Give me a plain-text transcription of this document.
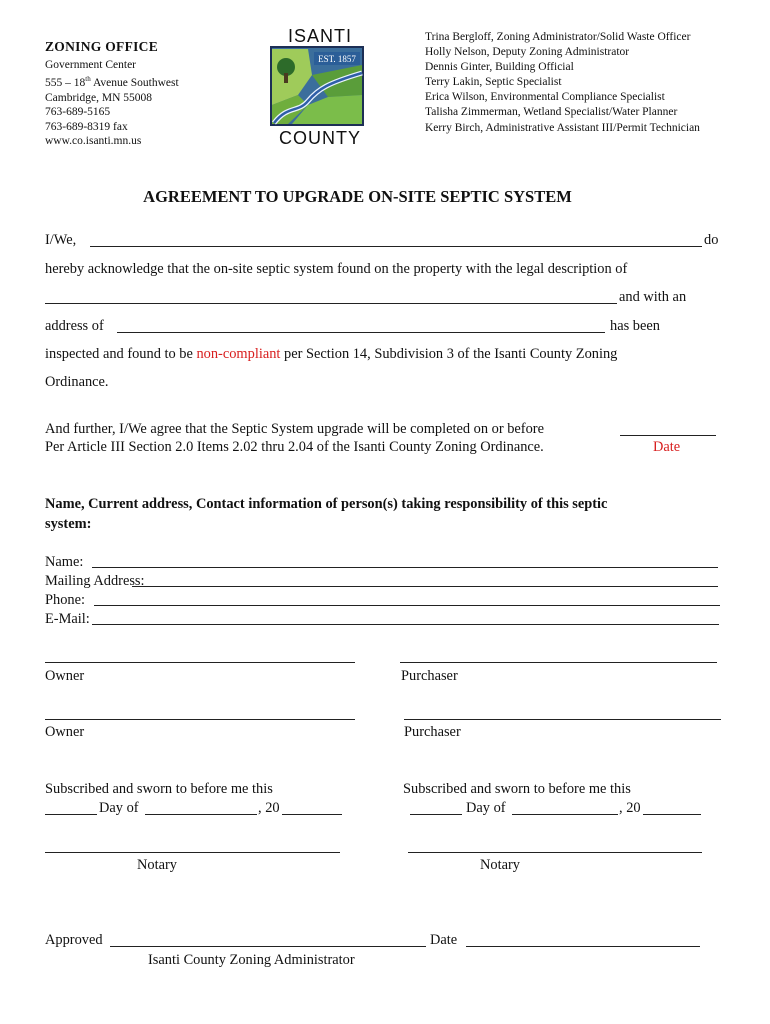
ZONING OFFICE
Government Center
555 – 18th Avenue Southwest
Cambridge, MN 55008
763-689-5165
763-689-8319 fax
www.co.isanti.mn.us
ISANTI
EST. 1857
COUNTY
Trina Bergloff, Zoning Administrator/Solid Waste Officer
Holly Nelson, Deputy Zoning Administrator
Dennis Ginter, Building Official
Terry Lakin, Septic Specialist
Erica Wilson, Environmental Compliance Specialist
Talisha Zimmerman, Wetland Specialist/Water Planner
Kerry Birch, Administrative Assistant III/Permit Technician
AGREEMENT TO UPGRADE ON-SITE SEPTIC SYSTEM
I/We,	do
hereby acknowledge that the on-site septic system found on the property with the legal description of
and with an
address of	has been
inspected and found to be non-compliant per Section 14, Subdivision 3 of the Isanti County Zoning
Ordinance.
And further, I/We agree that the Septic System upgrade will be completed on or before
Per Article III Section 2.0 Items 2.02 thru 2.04 of the Isanti County Zoning Ordinance.	Date
Name, Current address, Contact information of person(s) taking responsibility of this septic
system:
Name:
Mailing Address:
Phone:
E-Mail:
Owner	Purchaser
Owner	Purchaser
Subscribed and sworn to before me this	Subscribed and sworn to before me this
Day of	, 20	Day of	, 20
Notary	Notary
Approved	Date
Isanti County Zoning Administrator
